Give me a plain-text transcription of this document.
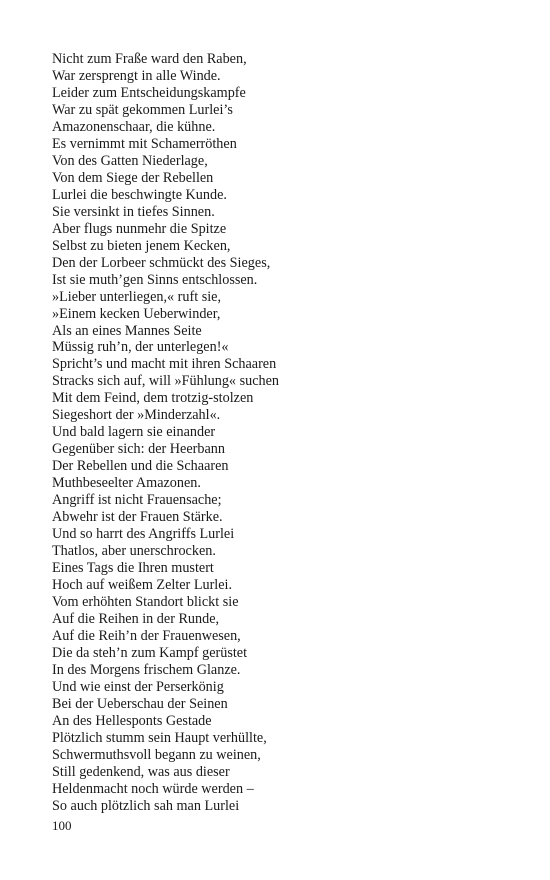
Nicht zum Fraße ward den Raben,
War zersprengt in alle Winde.
Leider zum Entscheidungskampfe
War zu spät gekommen Lurlei’s
Amazonenschaar, die kühne.
Es vernimmt mit Schamerröthen
Von des Gatten Niederlage,
Von dem Siege der Rebellen
Lurlei die beschwingte Kunde.
Sie versinkt in tiefes Sinnen.
Aber flugs nunmehr die Spitze
Selbst zu bieten jenem Kecken,
Den der Lorbeer schmückt des Sieges,
Ist sie muth’gen Sinns entschlossen.
»Lieber unterliegen,« ruft sie,
»Einem kecken Ueberwinder,
Als an eines Mannes Seite
Müssig ruh’n, der unterlegen!«
Spricht’s und macht mit ihren Schaaren
Stracks sich auf, will »Fühlung« suchen
Mit dem Feind, dem trotzig-stolzen
Siegeshort der »Minderzahl«.
Und bald lagern sie einander
Gegenüber sich: der Heerbann
Der Rebellen und die Schaaren
Muthbeseelter Amazonen.
Angriff ist nicht Frauensache;
Abwehr ist der Frauen Stärke.
Und so harrt des Angriffs Lurlei
Thatlos, aber unerschrocken.
Eines Tags die Ihren mustert
Hoch auf weißem Zelter Lurlei.
Vom erhöhten Standort blickt sie
Auf die Reihen in der Runde,
Auf die Reih’n der Frauenwesen,
Die da steh’n zum Kampf gerüstet
In des Morgens frischem Glanze.
Und wie einst der Perserkönig
Bei der Ueberschau der Seinen
An des Hellesponts Gestade
Plötzlich stumm sein Haupt verhüllte,
Schwermuthsvoll begann zu weinen,
Still gedenkend, was aus dieser
Heldenmacht noch würde werden –
So auch plötzlich sah man Lurlei
100
